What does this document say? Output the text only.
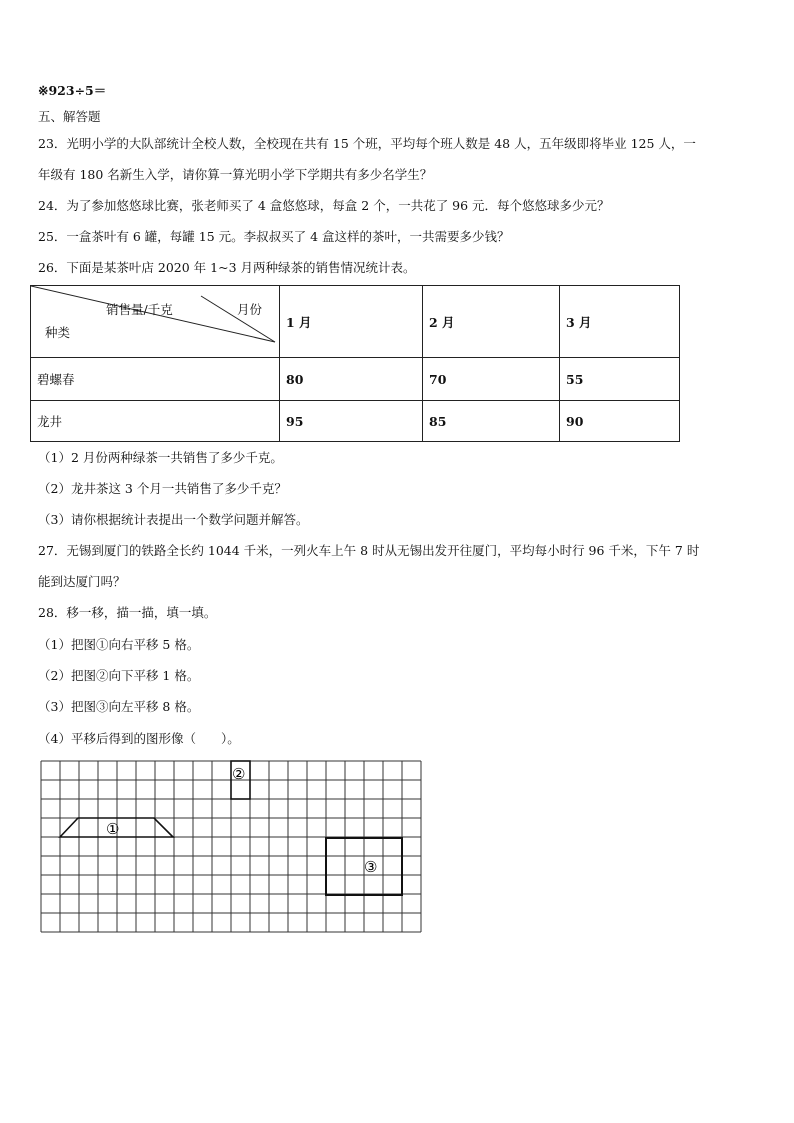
※923÷5＝
五、解答题
23．光明小学的大队部统计全校人数，全校现在共有 15 个班，平均每个班人数是 48 人，五年级即将毕业 125 人，一
年级有 180 名新生入学，请你算一算光明小学下学期共有多少名学生？
24．为了参加悠悠球比赛，张老师买了 4 盒悠悠球，每盒 2 个，一共花了 96 元．每个悠悠球多少元？
25．一盒茶叶有 6 罐，每罐 15 元。李叔叔买了 4 盒这样的茶叶，一共需要多少钱？
26．下面是某茶叶店 2020 年 1~3 月两种绿茶的销售情况统计表。
销售量/千克 月份
种类	1 月	2 月	3 月
碧螺春	80	70	55
龙井	95	85	90
（1）2 月份两种绿茶一共销售了多少千克。
（2）龙井茶这 3 个月一共销售了多少千克？
（3）请你根据统计表提出一个数学问题并解答。
27．无锡到厦门的铁路全长约 1044 千米，一列火车上午 8 时从无锡出发开往厦门，平均每小时行 96 千米，下午 7 时
能到达厦门吗？
28．移一移，描一描，填一填。
（1）把图①向右平移 5 格。
（2）把图②向下平移 1 格。
（3）把图③向左平移 8 格。
（4）平移后得到的图形像（　　）。
①
②
③
